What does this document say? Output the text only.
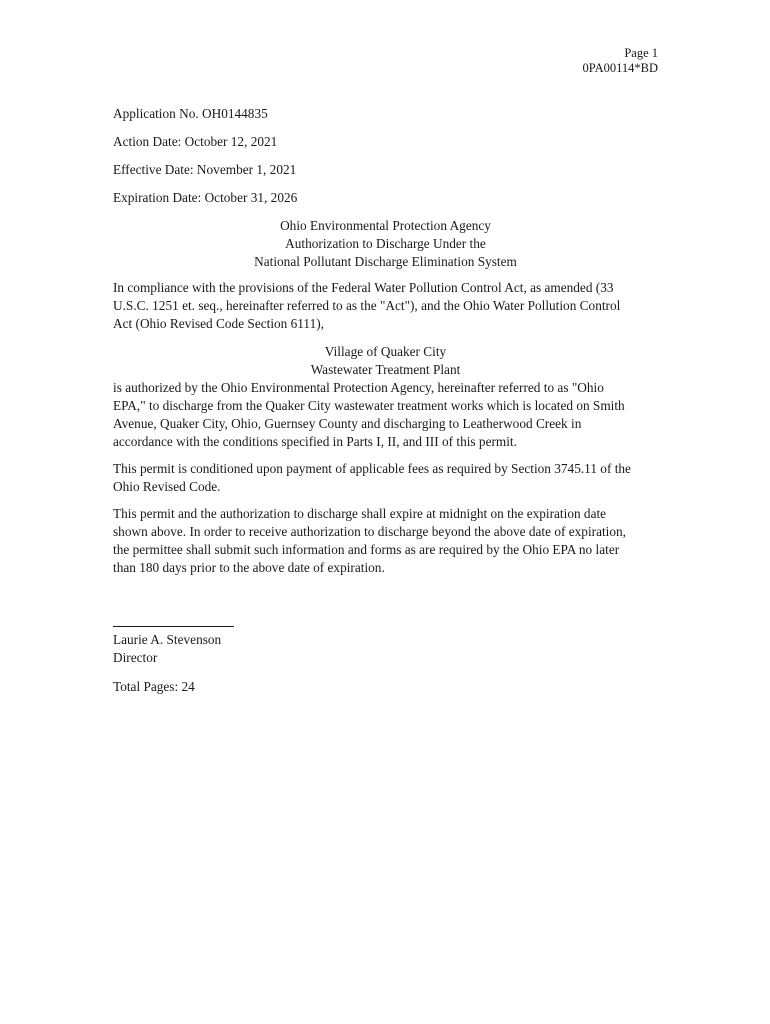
Page 1
0PA00114*BD
Application No. OH0144835
Action Date: October 12, 2021
Effective Date: November 1, 2021
Expiration Date: October 31, 2026
Ohio Environmental Protection Agency
Authorization to Discharge Under the
National Pollutant Discharge Elimination System
In compliance with the provisions of the Federal Water Pollution Control Act, as amended (33
U.S.C. 1251 et. seq., hereinafter referred to as the "Act"), and the Ohio Water Pollution Control
Act (Ohio Revised Code Section 6111),
Village of Quaker City
Wastewater Treatment Plant
is authorized by the Ohio Environmental Protection Agency, hereinafter referred to as "Ohio
EPA," to discharge from the Quaker City wastewater treatment works which is located on Smith
Avenue, Quaker City, Ohio, Guernsey County and discharging to Leatherwood Creek in
accordance with the conditions specified in Parts I, II, and III of this permit.
This permit is conditioned upon payment of applicable fees as required by Section 3745.11 of the
Ohio Revised Code.
This permit and the authorization to discharge shall expire at midnight on the expiration date
shown above. In order to receive authorization to discharge beyond the above date of expiration,
the permittee shall submit such information and forms as are required by the Ohio EPA no later
than 180 days prior to the above date of expiration.
Laurie A. Stevenson
Director
Total Pages: 24
